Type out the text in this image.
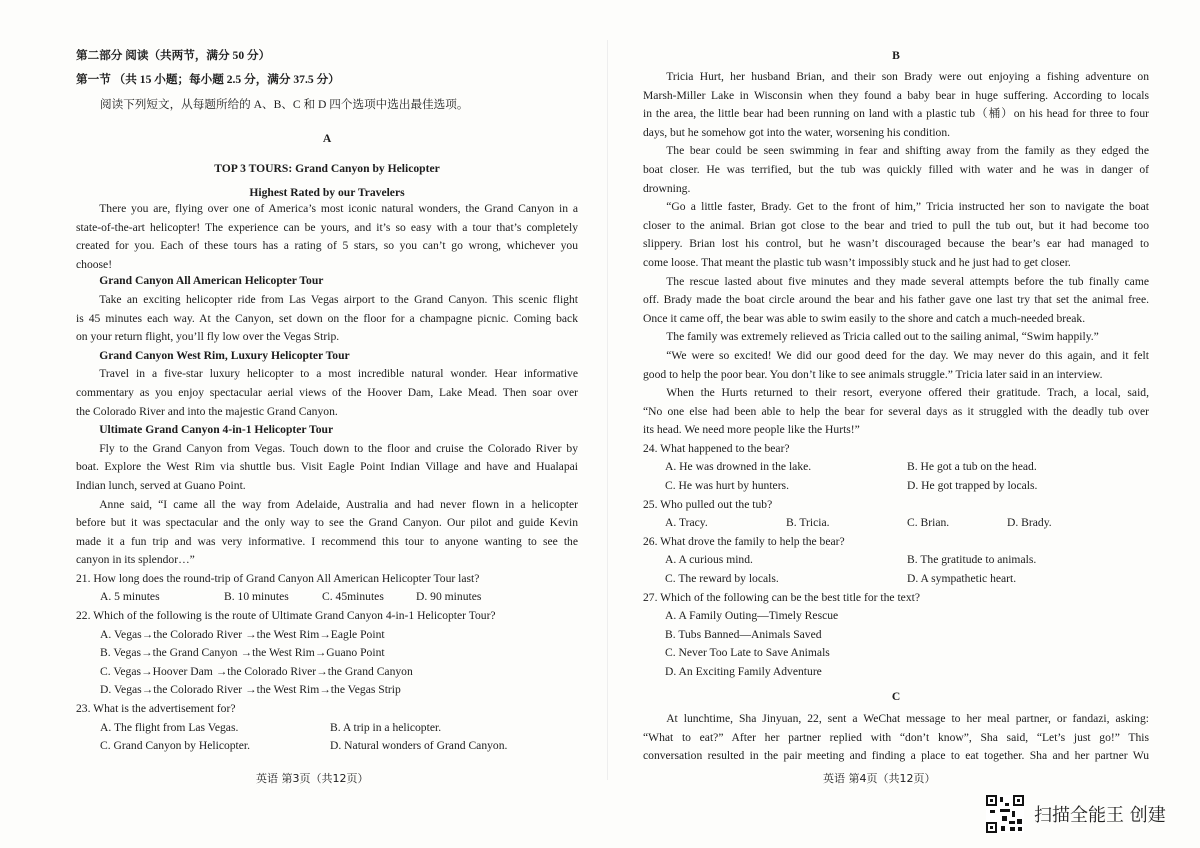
第二部分 阅读（共两节，满分 50 分）
第一节 （共 15 小题；每小题 2.5 分，满分 37.5 分）
阅读下列短文，从每题所给的 A、B、C 和 D 四个选项中选出最佳选项。
A
TOP 3 TOURS: Grand Canyon by Helicopter
Highest Rated by our Travelers
There you are, flying over one of America’s most iconic natural wonders, the Grand Canyon in a
state-of-the-art helicopter! The experience can be yours, and it’s so easy with a tour that’s completely
created for you. Each of these tours has a rating of 5 stars, so you can’t go wrong, whichever you
choose!
Grand Canyon All American Helicopter Tour
Take an exciting helicopter ride from Las Vegas airport to the Grand Canyon. This scenic flight
is 45 minutes each way. At the Canyon, set down on the floor for a champagne picnic. Coming back
on your return flight, you’ll fly low over the Vegas Strip.
Grand Canyon West Rim, Luxury Helicopter Tour
Travel in a five-star luxury helicopter to a most incredible natural wonder. Hear informative
commentary as you enjoy spectacular aerial views of the Hoover Dam, Lake Mead. Then soar over
the Colorado River and into the majestic Grand Canyon.
Ultimate Grand Canyon 4-in-1 Helicopter Tour
Fly to the Grand Canyon from Vegas. Touch down to the floor and cruise the Colorado River by
boat. Explore the West Rim via shuttle bus. Visit Eagle Point Indian Village and have and Hualapai
Indian lunch, served at Guano Point.
Anne said, “I came all the way from Adelaide, Australia and had never flown in a helicopter
before but it was spectacular and the only way to see the Grand Canyon. Our pilot and guide Kevin
made it a fun trip and was very informative. I recommend this tour to anyone wanting to see the
canyon in its splendor…”
21. How long does the round-trip of Grand Canyon All American Helicopter Tour last?
A. 5 minutes	B. 10 minutes	C. 45minutes	D. 90 minutes
22. Which of the following is the route of Ultimate Grand Canyon 4-in-1 Helicopter Tour?
A. Vegas→the Colorado River →the West Rim→Eagle Point
B. Vegas→the Grand Canyon →the West Rim→Guano Point
C. Vegas→Hoover Dam →the Colorado River→the Grand Canyon
D. Vegas→the Colorado River →the West Rim→the Vegas Strip
23. What is the advertisement for?
A. The flight from Las Vegas.	B. A trip in a helicopter.
C. Grand Canyon by Helicopter.	D. Natural wonders of Grand Canyon.
英语 第3页（共12页）
B
Tricia Hurt, her husband Brian, and their son Brady were out enjoying a fishing adventure on
Marsh-Miller Lake in Wisconsin when they found a baby bear in huge suffering. According to locals
in the area, the little bear had been running on land with a plastic tub（桶）on his head for three to four
days, but he somehow got into the water, worsening his condition.
The bear could be seen swimming in fear and shifting away from the family as they edged the
boat closer. He was terrified, but the tub was quickly filled with water and he was in danger of
drowning.
“Go a little faster, Brady. Get to the front of him,” Tricia instructed her son to navigate the boat
closer to the animal. Brian got close to the bear and tried to pull the tub out, but it had become too
slippery. Brian lost his control, but he wasn’t discouraged because the bear’s ear had managed to
come loose. That meant the plastic tub wasn’t impossibly stuck and he just had to get closer.
The rescue lasted about five minutes and they made several attempts before the tub finally came
off. Brady made the boat circle around the bear and his father gave one last try that set the animal free.
Once it came off, the bear was able to swim easily to the shore and catch a much-needed break.
The family was extremely relieved as Tricia called out to the sailing animal, “Swim happily.”
“We were so excited! We did our good deed for the day. We may never do this again, and it felt
good to help the poor bear. You don’t like to see animals struggle.” Tricia later said in an interview.
When the Hurts returned to their resort, everyone offered their gratitude. Trach, a local, said,
“No one else had been able to help the bear for several days as it struggled with the deadly tub over
its head. We need more people like the Hurts!”
24. What happened to the bear?
A. He was drowned in the lake.	B. He got a tub on the head.
C. He was hurt by hunters.	D. He got trapped by locals.
25. Who pulled out the tub?
A. Tracy.	B. Tricia.	C. Brian.	D. Brady.
26. What drove the family to help the bear?
A. A curious mind.	B. The gratitude to animals.
C. The reward by locals.	D. A sympathetic heart.
27. Which of the following can be the best title for the text?
A. A Family Outing—Timely Rescue
B. Tubs Banned—Animals Saved
C. Never Too Late to Save Animals
D. An Exciting Family Adventure
C
At lunchtime, Sha Jinyuan, 22, sent a WeChat message to her meal partner, or fandazi, asking:
“What to eat?” After her partner replied with “don’t know”, Sha said, “Let’s just go!” This
conversation resulted in the pair meeting and finding a place to eat together. Sha and her partner Wu
英语 第4页（共12页）
扫描全能王 创建
